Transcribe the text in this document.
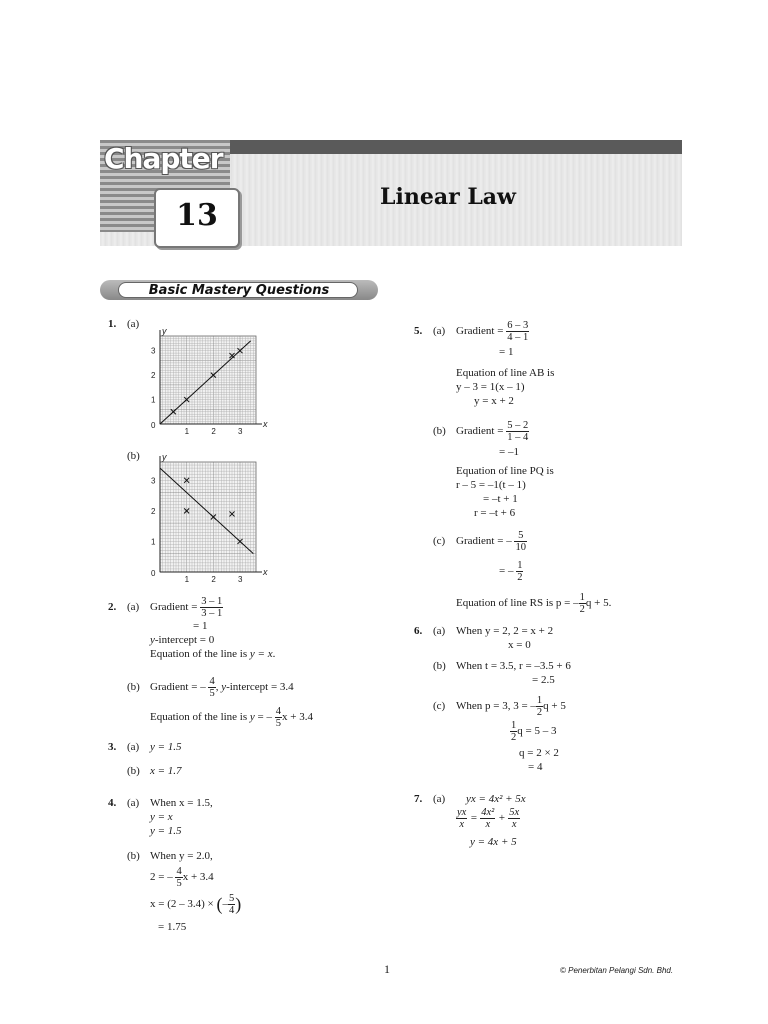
Chapter
13
Linear Law
Basic Mastery Questions
1. (a)
y
x
0
1	2	3
1
2
3
(b) y
x
0
1	2	3
1
2
3
2. (a) Gradient = $\frac{3 - 1}{3 - 1}$
= 1
y-intercept = 0
Equation of the line is y = x.
(b) Gradient = – $\frac{4}{5}$ , y-intercept = 3.4
Equation of the line is y = – $\frac{4}{5}$ x + 3.4
3. (a) y = 1.5
(b) x = 1.7
4. (a) When x = 1.5,
y = x
y = 1.5
(b) When y = 2.0,
2 = – $\frac{4}{5}$ x + 3.4
x = (2 – 3.4) × (– $\frac{5}{4}$ )
= 1.75
5. (a) Gradient = $\frac{6 - 3}{4 - 1}$
= 1
Equation of line AB is
y – 3 = 1(x – 1)
y = x + 2
(b) Gradient = $\frac{5 - 2}{1 - 4}$
= –1
Equation of line PQ is
r – 5 = –1(t – 1)
= –t + 1
r = –t + 6
(c) Gradient = – $\frac{5}{10}$
= – $\frac{1}{2}$
Equation of line RS is p = – $\frac{1}{2}$ q + 5.
6. (a) When y = 2, 2 = x + 2
x = 0
(b) When t = 3.5, r = –3.5 + 6
= 2.5
(c) When p = 3, 3 = – $\frac{1}{2}$ q + 5
$\frac{1}{2}$ q = 5 – 3
q = 2 × 2
= 4
7. (a) yx = 4x² + 5x
$\frac{yx}{x} = \frac{\text{4x²}}{x} + \frac{5x}{x}$
y = 4x + 5
1	© Penerbitan Pelangi Sdn. Bhd.
